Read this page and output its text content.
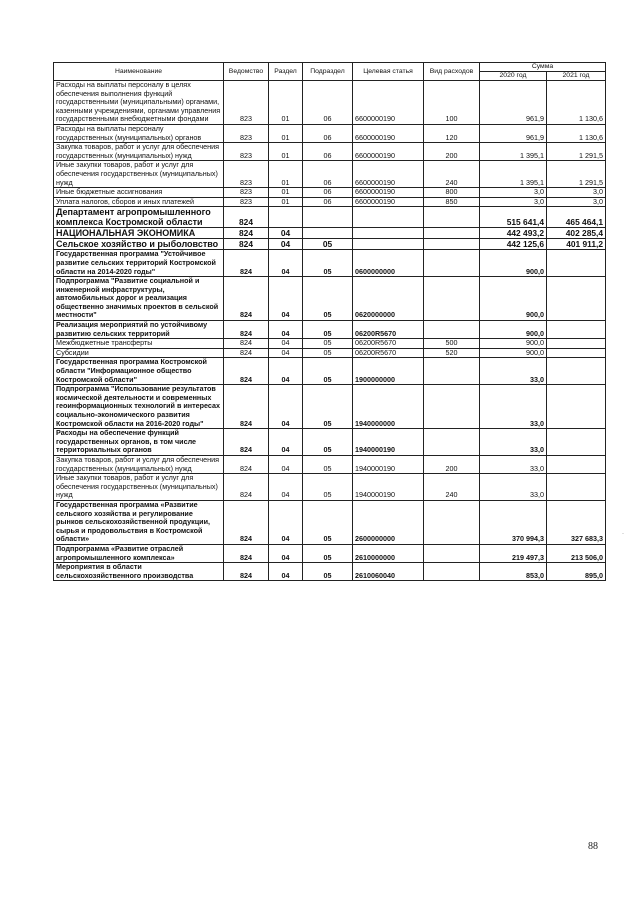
Наименование	Ведомство	Раздел	Подраздел	Целевая статья	Вид расходов	Сумма	
						2020 год	2021 год
Расходы на выплаты персоналу в целях обеспечения выполнения функций государственными (муниципальными) органами, казенными учреждениями, органами управления государственными внебюджетными фондами	823	01	06	6600000190	100	961,9	1 130,6
Расходы на выплаты персоналу государственных (муниципальных) органов	823	01	06	6600000190	120	961,9	1 130,6
Закупка товаров, работ и услуг для обеспечения государственных (муниципальных) нужд	823	01	06	6600000190	200	1 395,1	1 291,5
Иные закупки товаров, работ и услуг для обеспечения государственных (муниципальных) нужд	823	01	06	6600000190	240	1 395,1	1 291,5
Иные бюджетные ассигнования	823	01	06	6600000190	800	3,0	3,0
Уплата налогов, сборов и иных платежей	823	01	06	6600000190	850	3,0	3,0
Департамент агропромышленного комплекса Костромской области	824					515 641,4	465 464,1
НАЦИОНАЛЬНАЯ ЭКОНОМИКА	824	04				442 493,2	402 285,4
Сельское хозяйство и рыболовство	824	04	05			442 125,6	401 911,2
Государственная программа "Устойчивое развитие сельских территорий Костромской области на 2014-2020 годы"	824	04	05	0600000000		900,0	
Подпрограмма "Развитие социальной и инженерной инфраструктуры, автомобильных дорог и реализация общественно значимых проектов в сельской местности"	824	04	05	0620000000		900,0	
Реализация мероприятий по устойчивому развитию сельских территорий	824	04	05	06200R5670		900,0	
Межбюджетные трансферты	824	04	05	06200R5670	500	900,0	
Субсидии	824	04	05	06200R5670	520	900,0	
Государственная программа Костромской области "Информационное общество Костромской области"	824	04	05	1900000000		33,0	
Подпрограмма "Использование результатов космической деятельности и современных геоинформационных технологий в интересах социально-экономического развития Костромской области на 2016-2020 годы"	824	04	05	1940000000		33,0	
Расходы на обеспечение функций государственных органов, в том числе территориальных органов	824	04	05	1940000190		33,0	
Закупка товаров, работ и услуг для обеспечения государственных (муниципальных) нужд	824	04	05	1940000190	200	33,0	
Иные закупки товаров, работ и услуг для обеспечения государственных (муниципальных) нужд	824	04	05	1940000190	240	33,0	
Государственная программа «Развитие сельского хозяйства и регулирование рынков сельскохозяйственной продукции, сырья и продовольствия в Костромской области»	824	04	05	2600000000		370 994,3	327 683,3
Подпрограмма «Развитие отраслей агропромышленного комплекса»	824	04	05	2610000000		219 497,3	213 506,0
Мероприятия в области сельскохозяйственного производства	824	04	05	2610060040		853,0	895,0
·
88
